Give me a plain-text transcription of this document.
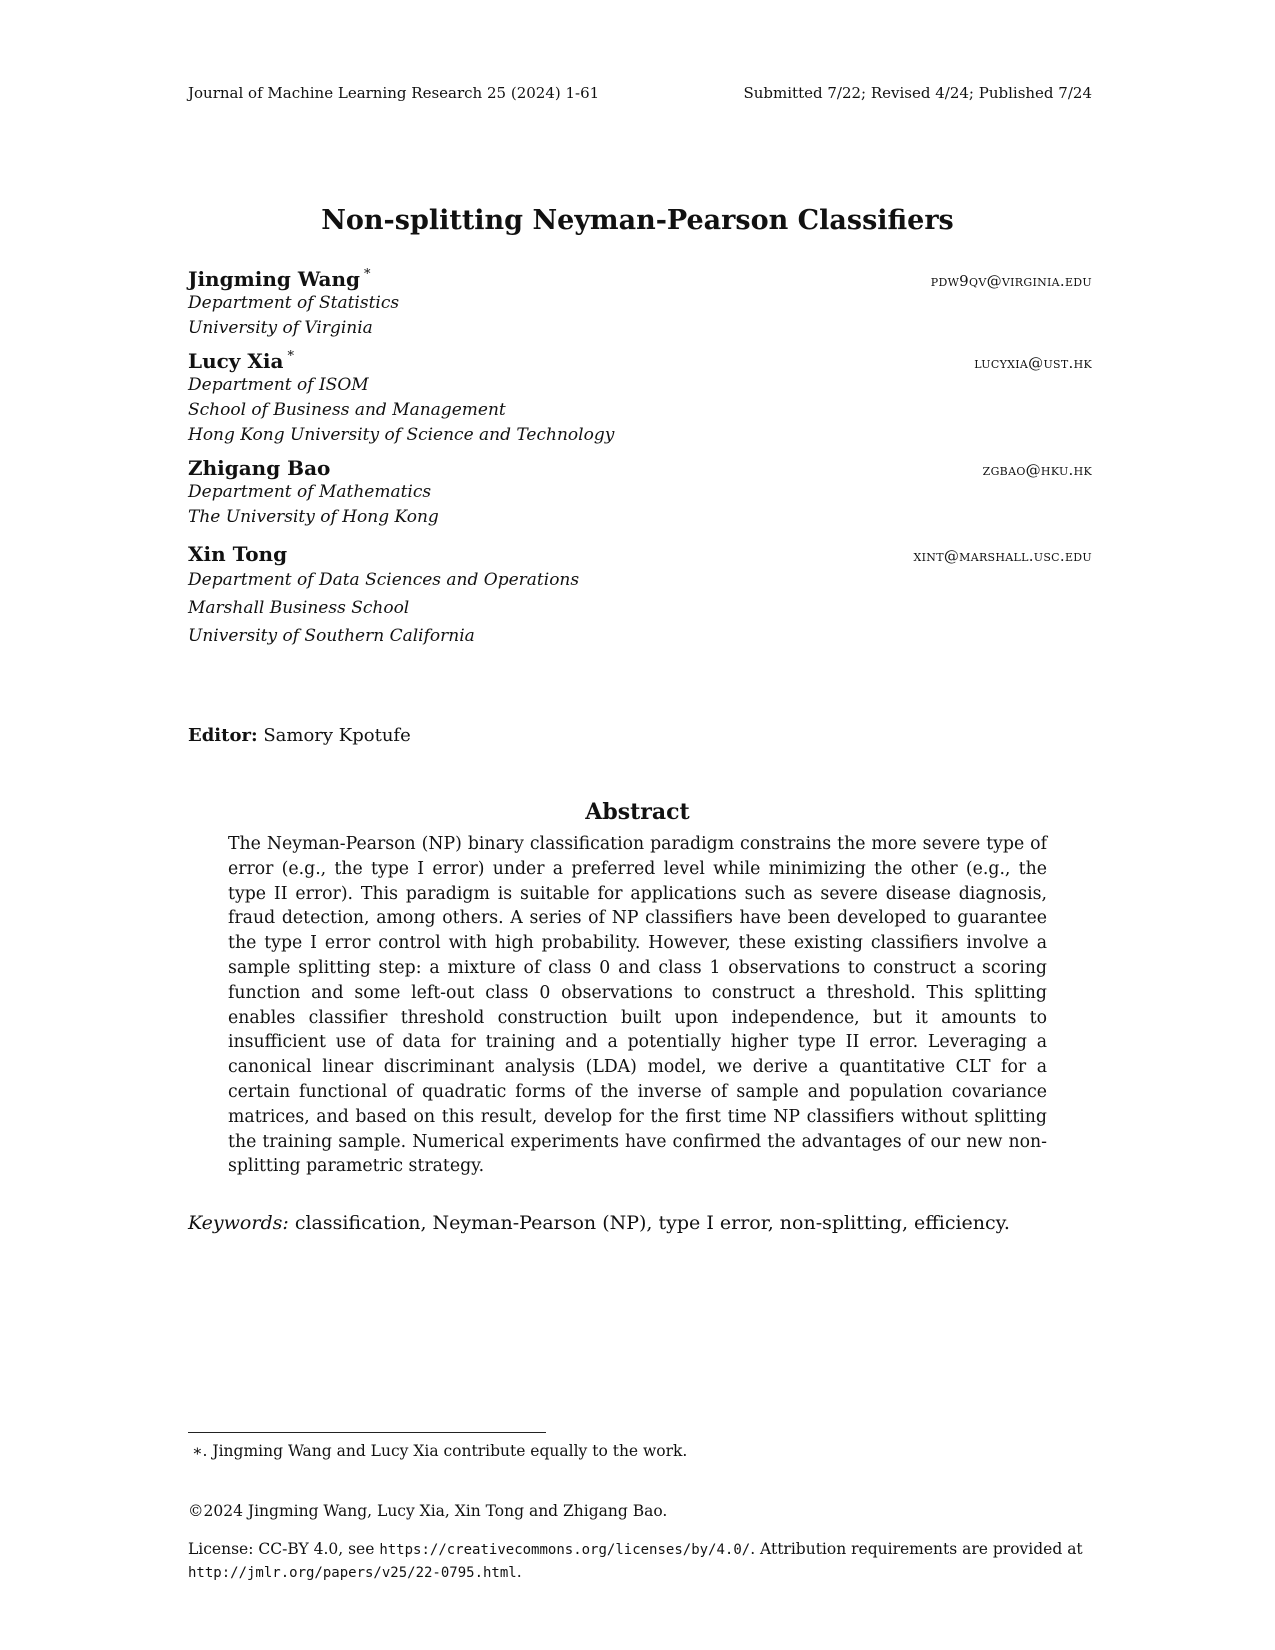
Journal of Machine Learning Research 25 (2024) 1-61	Submitted 7/22; Revised 4/24; Published 7/24
Non-splitting Neyman-Pearson Classifiers
Jingming Wang *	pdw9qv@virginia.edu
Department of Statistics
University of Virginia
Lucy Xia *	lucyxia@ust.hk
Department of ISOM
School of Business and Management
Hong Kong University of Science and Technology
Zhigang Bao	zgbao@hku.hk
Department of Mathematics
The University of Hong Kong
Xin Tong	xint@marshall.usc.edu
Department of Data Sciences and Operations
Marshall Business School
University of Southern California
Editor: Samory Kpotufe
Abstract
The Neyman-Pearson (NP) binary classification paradigm constrains the more severe type of error (e.g., the type I error) under a preferred level while minimizing the other (e.g., the type II error). This paradigm is suitable for applications such as severe disease diagnosis, fraud detection, among others. A series of NP classifiers have been developed to guarantee the type I error control with high probability. However, these existing classifiers involve a sample splitting step: a mixture of class 0 and class 1 observations to construct a scoring function and some left-out class 0 observations to construct a threshold. This splitting enables classifier threshold construction built upon independence, but it amounts to insufficient use of data for training and a potentially higher type II error. Leveraging a canonical linear discriminant analysis (LDA) model, we derive a quantitative CLT for a certain functional of quadratic forms of the inverse of sample and population covariance matrices, and based on this result, develop for the first time NP classifiers without splitting the training sample. Numerical experiments have confirmed the advantages of our new non-splitting parametric strategy.
Keywords: classification, Neyman-Pearson (NP), type I error, non-splitting, efficiency.
∗. Jingming Wang and Lucy Xia contribute equally to the work.
©2024 Jingming Wang, Lucy Xia, Xin Tong and Zhigang Bao.
License: CC-BY 4.0, see https://creativecommons.org/licenses/by/4.0/. Attribution requirements are provided at http://jmlr.org/papers/v25/22-0795.html.
